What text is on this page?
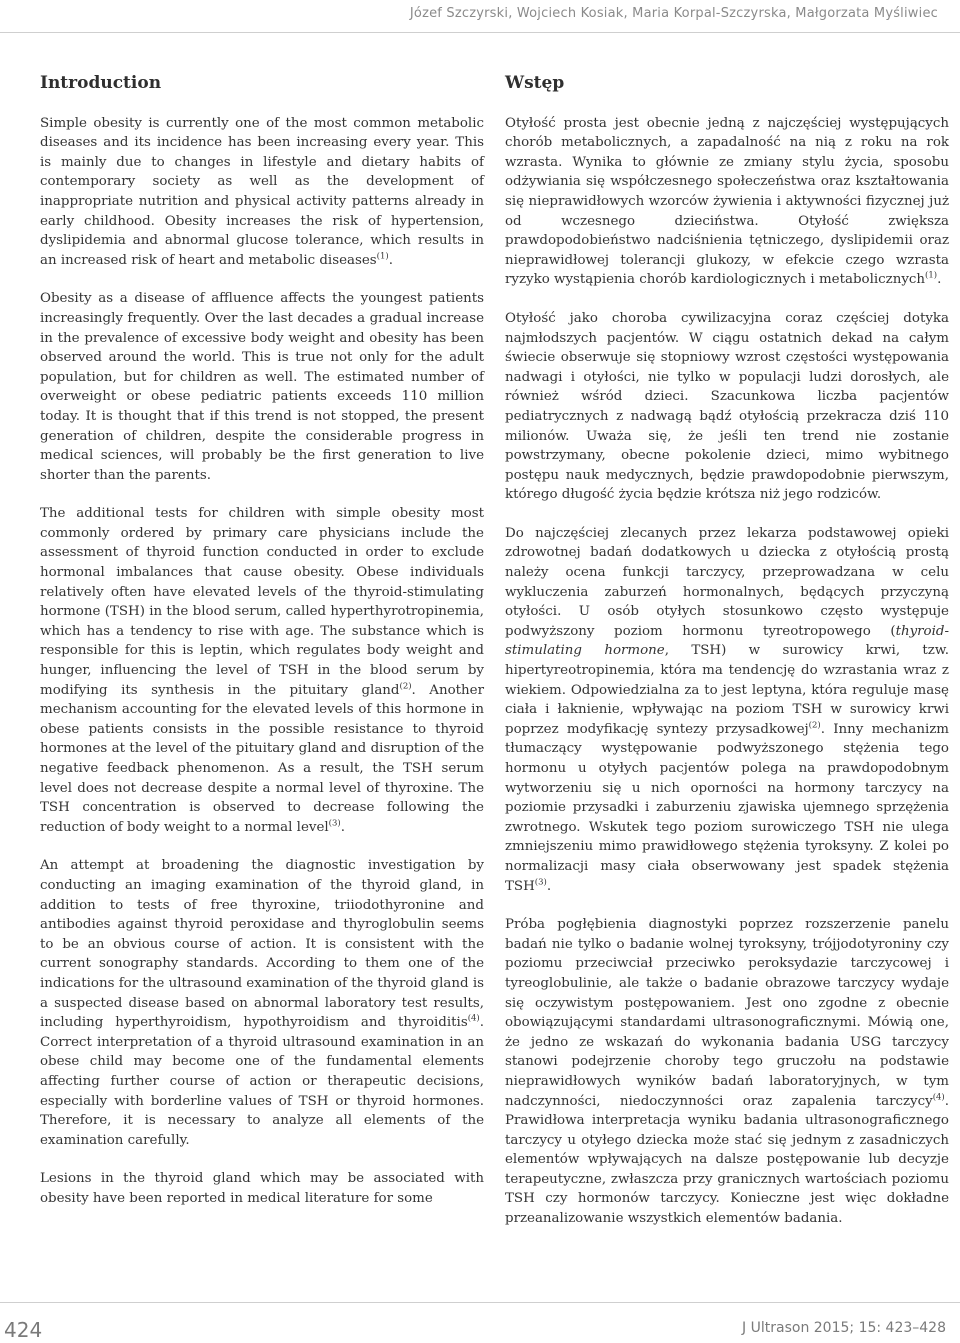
Józef Szczyrski, Wojciech Kosiak, Maria Korpal-Szczyrska, Małgorzata Myśliwiec
Introduction

Simple obesity is currently one of the most common metabolic diseases and its incidence has been increasing every year. This is mainly due to changes in lifestyle and dietary habits of contemporary society as well as the development of inappropriate nutrition and physical activity patterns already in early childhood. Obesity increases the risk of hypertension, dyslipidemia and abnormal glucose tolerance, which results in an increased risk of heart and metabolic diseases$^{(1)}$.

Obesity as a disease of affluence affects the youngest patients increasingly frequently. Over the last decades a gradual increase in the prevalence of excessive body weight and obesity has been observed around the world. This is true not only for the adult population, but for children as well. The estimated number of overweight or obese pediatric patients exceeds 110 million today. It is thought that if this trend is not stopped, the present generation of children, despite the considerable progress in medical sciences, will probably be the first generation to live shorter than the parents.

The additional tests for children with simple obesity most commonly ordered by primary care physicians include the assessment of thyroid function conducted in order to exclude hormonal imbalances that cause obesity. Obese individuals relatively often have elevated levels of the thyroid-stimulating hormone (TSH) in the blood serum, called hyperthyrotropinemia, which has a tendency to rise with age. The substance which is responsible for this is leptin, which regulates body weight and hunger, influencing the level of TSH in the blood serum by modifying its synthesis in the pituitary gland$^{(2)}$. Another mechanism accounting for the elevated levels of this hormone in obese patients consists in the possible resistance to thyroid hormones at the level of the pituitary gland and disruption of the negative feedback phenomenon. As a result, the TSH serum level does not decrease despite a normal level of thyroxine. The TSH concentration is observed to decrease following the reduction of body weight to a normal level$^{(3)}$.

An attempt at broadening the diagnostic investigation by conducting an imaging examination of the thyroid gland, in addition to tests of free thyroxine, triiodothyronine and antibodies against thyroid peroxidase and thyroglobulin seems to be an obvious course of action. It is consistent with the current sonography standards. According to them one of the indications for the ultrasound examination of the thyroid gland is a suspected disease based on abnormal laboratory test results, including hyperthyroidism, hypothyroidism and thyroiditis$^{(4)}$. Correct interpretation of a thyroid ultrasound examination in an obese child may become one of the fundamental elements affecting further course of action or therapeutic decisions, especially with borderline values of TSH or thyroid hormones. Therefore, it is necessary to analyze all elements of the examination carefully.

Lesions in the thyroid gland which may be associated with obesity have been reported in medical literature for some

Wstęp

Otyłość prosta jest obecnie jedną z najczęściej występujących chorób metabolicznych, a zapadalność na nią z roku na rok wzrasta. Wynika to głównie ze zmiany stylu życia, sposobu odżywiania się współczesnego społeczeństwa oraz kształtowania się nieprawidłowych wzorców żywienia i aktywności fizycznej już od wczesnego dzieciństwa. Otyłość zwiększa prawdopodobieństwo nadciśnienia tętniczego, dyslipidemii oraz nieprawidłowej tolerancji glukozy, w efekcie czego wzrasta ryzyko wystąpienia chorób kardiologicznych i metabolicznych$^{(1)}$.

Otyłość jako choroba cywilizacyjna coraz częściej dotyka najmłodszych pacjentów. W ciągu ostatnich dekad na całym świecie obserwuje się stopniowy wzrost częstości występowania nadwagi i otyłości, nie tylko w populacji ludzi dorosłych, ale również wśród dzieci. Szacunkowa liczba pacjentów pediatrycznych z nadwagą bądź otyłością przekracza dziś 110 milionów. Uważa się, że jeśli ten trend nie zostanie powstrzymany, obecne pokolenie dzieci, mimo wybitnego postępu nauk medycznych, będzie prawdopodobnie pierwszym, którego długość życia będzie krótsza niż jego rodziców.

Do najczęściej zlecanych przez lekarza podstawowej opieki zdrowotnej badań dodatkowych u dziecka z otyłością prostą należy ocena funkcji tarczycy, przeprowadzana w celu wykluczenia zaburzeń hormonalnych, będących przyczyną otyłości. U osób otyłych stosunkowo często występuje podwyższony poziom hormonu tyreotropowego (thyroid-stimulating hormone, TSH) w surowicy krwi, tzw. hipertyreotropinemia, która ma tendencję do wzrastania wraz z wiekiem. Odpowiedzialna za to jest leptyna, która reguluje masę ciała i łaknienie, wpływając na poziom TSH w surowicy krwi poprzez modyfikację syntezy przysadkowej$^{(2)}$. Inny mechanizm tłumaczący występowanie podwyższonego stężenia tego hormonu u otyłych pacjentów polega na prawdopodobnym wytworzeniu się u nich oporności na hormony tarczycy na poziomie przysadki i zaburzeniu zjawiska ujemnego sprzężenia zwrotnego. Wskutek tego poziom surowiczego TSH nie ulega zmniejszeniu mimo prawidłowego stężenia tyroksyny. Z kolei po normalizacji masy ciała obserwowany jest spadek stężenia TSH$^{(3)}$.

Próba pogłębienia diagnostyki poprzez rozszerzenie panelu badań nie tylko o badanie wolnej tyroksyny, trójjodotyroniny czy poziomu przeciwciał przeciwko peroksydazie tarczycowej i tyreoglobulinie, ale także o badanie obrazowe tarczycy wydaje się oczywistym postępowaniem. Jest ono zgodne z obecnie obowiązującymi standardami ultrasonograficznymi. Mówią one, że jedno ze wskazań do wykonania badania USG tarczycy stanowi podejrzenie choroby tego gruczołu na podstawie nieprawidłowych wyników badań laboratoryjnych, w tym nadczynności, niedoczynności oraz zapalenia tarczycy$^{(4)}$. Prawidłowa interpretacja wyniku badania ultrasonograficznego tarczycy u otyłego dziecka może stać się jednym z zasadniczych elementów wpływających na dalsze postępowanie lub decyzje terapeutyczne, zwłaszcza przy granicznych wartościach poziomu TSH czy hormonów tarczycy. Konieczne jest więc dokładne przeanalizowanie wszystkich elementów badania.

424	J Ultrason 2015; 15: 423–428
